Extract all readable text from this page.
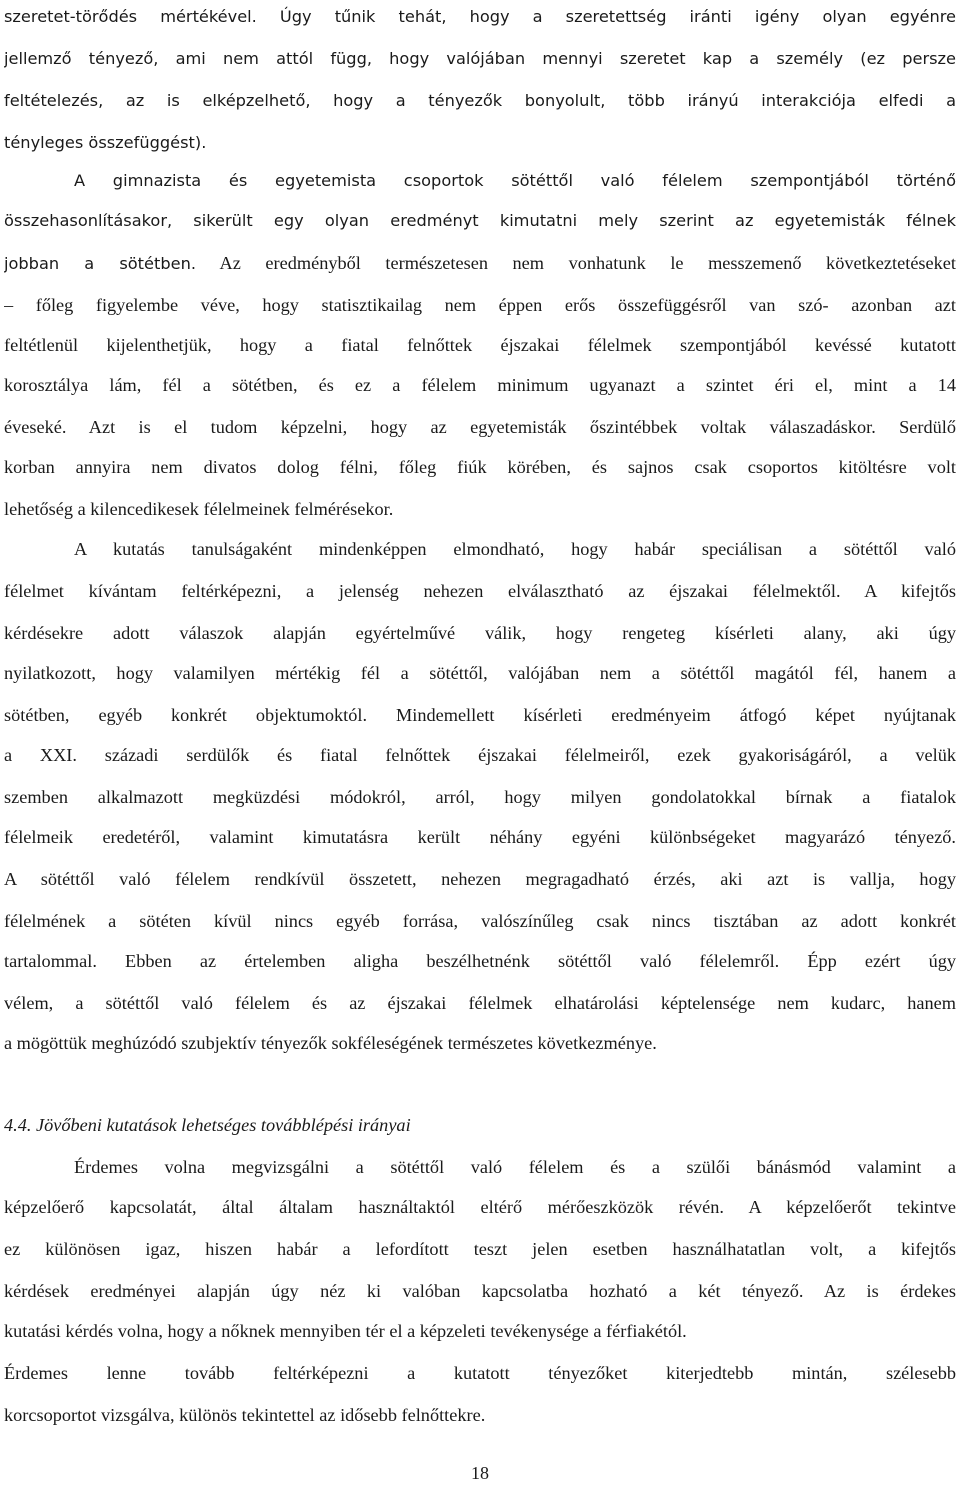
szeretet-törődés mértékével. Úgy tűnik tehát, hogy a szeretettség iránti igény olyan egyénre
jellemző tényező, ami nem attól függ, hogy valójában mennyi szeretet kap a személy (ez persze
feltételezés, az is elképzelhető, hogy a tényezők bonyolult, több irányú interakciója elfedi a
tényleges összefüggést).
A gimnazista és egyetemista csoportok sötéttől való félelem szempontjából történő
összehasonlításakor, sikerült egy olyan eredményt kimutatni mely szerint az egyetemisták félnek
jobban a sötétben. Az eredményből természetesen nem vonhatunk le messzemenő következtetéseket
– főleg figyelembe véve, hogy statisztikailag nem éppen erős összefüggésről van szó- azonban azt
feltétlenül kijelenthetjük, hogy a fiatal felnőttek éjszakai félelmek szempontjából kevéssé kutatott
korosztálya lám, fél a sötétben, és ez a félelem minimum ugyanazt a szintet éri el, mint a 14
éveseké. Azt is el tudom képzelni, hogy az egyetemisták őszintébbek voltak válaszadáskor. Serdülő
korban annyira nem divatos dolog félni, főleg fiúk körében, és sajnos csak csoportos kitöltésre volt
lehetőség a kilencedikesek félelmeinek felmérésekor.
A kutatás tanulságaként mindenképpen elmondható, hogy habár speciálisan a sötéttől való
félelmet kívántam feltérképezni, a jelenség nehezen elválasztható az éjszakai félelmektől. A kifejtős
kérdésekre adott válaszok alapján egyértelművé válik, hogy rengeteg kísérleti alany, aki úgy
nyilatkozott, hogy valamilyen mértékig fél a sötéttől, valójában nem a sötéttől magától fél, hanem a
sötétben, egyéb konkrét objektumoktól. Mindemellett kísérleti eredményeim átfogó képet nyújtanak
a XXI. századi serdülők és fiatal felnőttek éjszakai félelmeiről, ezek gyakoriságáról, a velük
szemben alkalmazott megküzdési módokról, arról, hogy milyen gondolatokkal bírnak a fiatalok
félelmeik eredetéről, valamint kimutatásra került néhány egyéni különbségeket magyarázó tényező.
A sötéttől való félelem rendkívül összetett, nehezen megragadható érzés, aki azt is vallja, hogy
félelmének a sötéten kívül nincs egyéb forrása, valószínűleg csak nincs tisztában az adott konkrét
tartalommal. Ebben az értelemben aligha beszélhetnénk sötéttől való félelemről. Épp ezért úgy
vélem, a sötéttől való félelem és az éjszakai félelmek elhatárolási képtelensége nem kudarc, hanem
a mögöttük meghúzódó szubjektív tényezők sokféleségének természetes következménye.
4.4. Jövőbeni kutatások lehetséges továbblépési irányai
Érdemes volna megvizsgálni a sötéttől való félelem és a szülői bánásmód valamint a
képzelőerő kapcsolatát, által általam használtaktól eltérő mérőeszközök révén. A képzelőerőt tekintve
ez különösen igaz, hiszen habár a lefordított teszt jelen esetben használhatatlan volt, a kifejtős
kérdések eredményei alapján úgy néz ki valóban kapcsolatba hozható a két tényező. Az is érdekes
kutatási kérdés volna, hogy a nőknek mennyiben tér el a képzeleti tevékenysége a férfiakétól.
Érdemes lenne tovább feltérképezni a kutatott tényezőket kiterjedtebb mintán, szélesebb
korcsoportot vizsgálva, különös tekintettel az idősebb felnőttekre.
18
